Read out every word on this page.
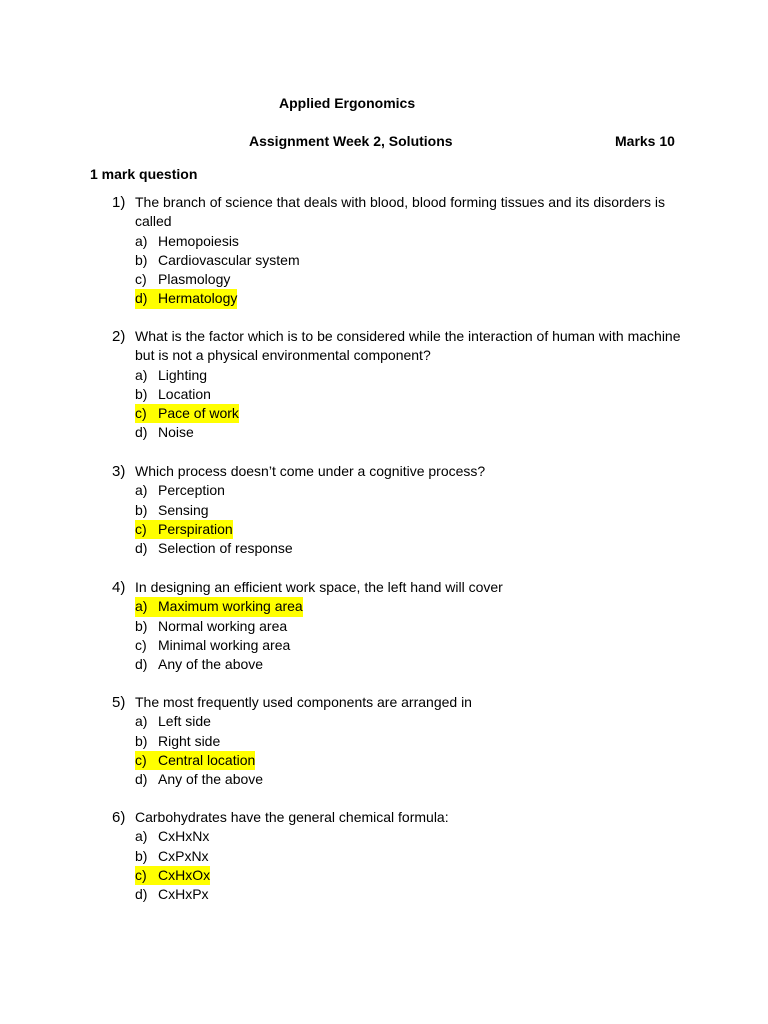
Applied Ergonomics
Assignment Week 2, Solutions	Marks 10
1 mark question
1) The branch of science that deals with blood, blood forming tissues and its disorders is called
a) Hemopoiesis
b) Cardiovascular system
c) Plasmology
d) Hermatology
2) What is the factor which is to be considered while the interaction of human with machine but is not a physical environmental component?
a) Lighting
b) Location
c) Pace of work
d) Noise
3) Which process doesn’t come under a cognitive process?
a) Perception
b) Sensing
c) Perspiration
d) Selection of response
4) In designing an efficient work space, the left hand will cover
a) Maximum working area
b) Normal working area
c) Minimal working area
d) Any of the above
5) The most frequently used components are arranged in
a) Left side
b) Right side
c) Central location
d) Any of the above
6) Carbohydrates have the general chemical formula:
a) CxHxNx
b) CxPxNx
c) CxHxOx
d) CxHxPx
